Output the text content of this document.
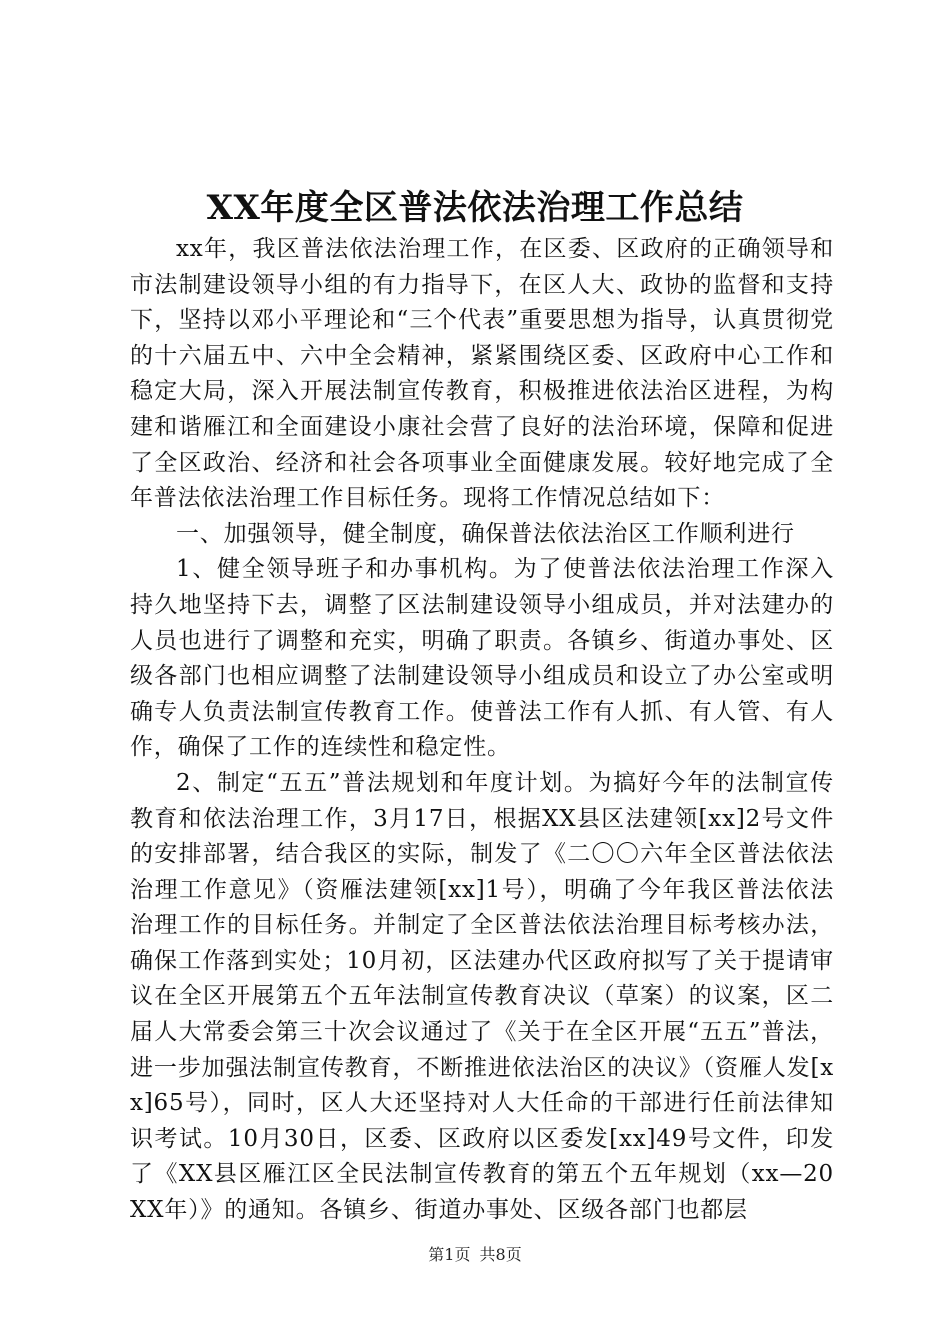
XX年度全区普法依法治理工作总结

xx年，我区普法依法治理工作，在区委、区政府的正确领导和市法制建设领导小组的有力指导下，在区人大、政协的监督和支持下，坚持以邓小平理论和“三个代表”重要思想为指导，认真贯彻党的十六届五中、六中全会精神，紧紧围绕区委、区政府中心工作和稳定大局，深入开展法制宣传教育，积极推进依法治区进程，为构建和谐雁江和全面建设小康社会营了良好的法治环境，保障和促进了全区政治、经济和社会各项事业全面健康发展。较好地完成了全年普法依法治理工作目标任务。现将工作情况总结如下：

一、加强领导，健全制度，确保普法依法治区工作顺利进行

1、健全领导班子和办事机构。为了使普法依法治理工作深入持久地坚持下去，调整了区法制建设领导小组成员，并对法建办的人员也进行了调整和充实，明确了职责。各镇乡、街道办事处、区级各部门也相应调整了法制建设领导小组成员和设立了办公室或明确专人负责法制宣传教育工作。使普法工作有人抓、有人管、有人作，确保了工作的连续性和稳定性。

2、制定“五五”普法规划和年度计划。为搞好今年的法制宣传教育和依法治理工作，3月17日，根据XX县区法建领[xx]2号文件的安排部署，结合我区的实际，制发了《二〇〇六年全区普法依法治理工作意见》（资雁法建领[xx]1号），明确了今年我区普法依法治理工作的目标任务。并制定了全区普法依法治理目标考核办法，确保工作落到实处；10月初，区法建办代区政府拟写了关于提请审议在全区开展第五个五年法制宣传教育决议（草案）的议案，区二届人大常委会第三十次会议通过了《关于在全区开展“五五”普法，进一步加强法制宣传教育，不断推进依法治区的决议》（资雁人发[xx]65号），同时，区人大还坚持对人大任命的干部进行任前法律知识考试。10月30日，区委、区政府以区委发[xx]49号文件，印发了《XX县区雁江区全民法制宣传教育的第五个五年规划（xx—20XX年）》的通知。各镇乡、街道办事处、区级各部门也都层

第1页 共8页
